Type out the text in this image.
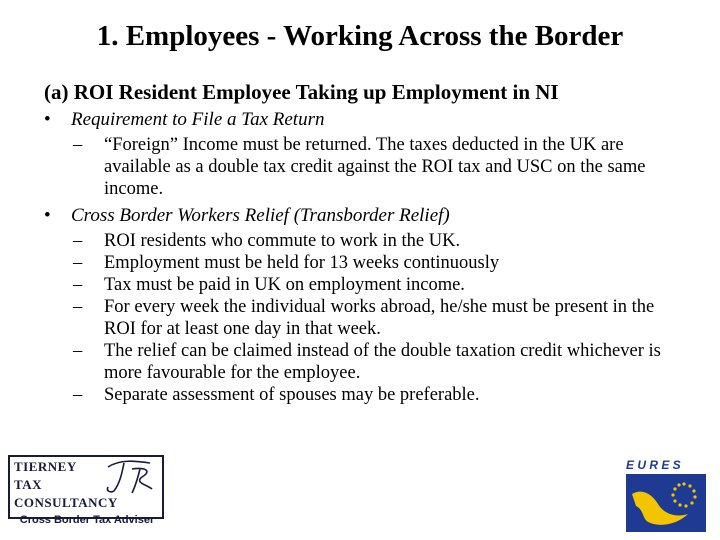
1. Employees - Working Across the Border
(a) ROI Resident Employee Taking up Employment in NI
• Requirement to File a Tax Return
– “Foreign” Income must be returned. The taxes deducted in the UK are available as a double tax credit against the ROI tax and USC on the same income.
• Cross Border Workers Relief (Transborder Relief)
– ROI residents who commute to work in the UK.
– Employment must be held for 13 weeks continuously
– Tax must be paid in UK on employment income.
– For every week the individual works abroad, he/she must be present in the ROI for at least one day in that week.
– The relief can be claimed instead of the double taxation credit whichever is more favourable for the employee.
– Separate assessment of spouses may be preferable.
TIERNEY
TAX
CONSULTANCY
Cross Border Tax Adviser
E U R E S
